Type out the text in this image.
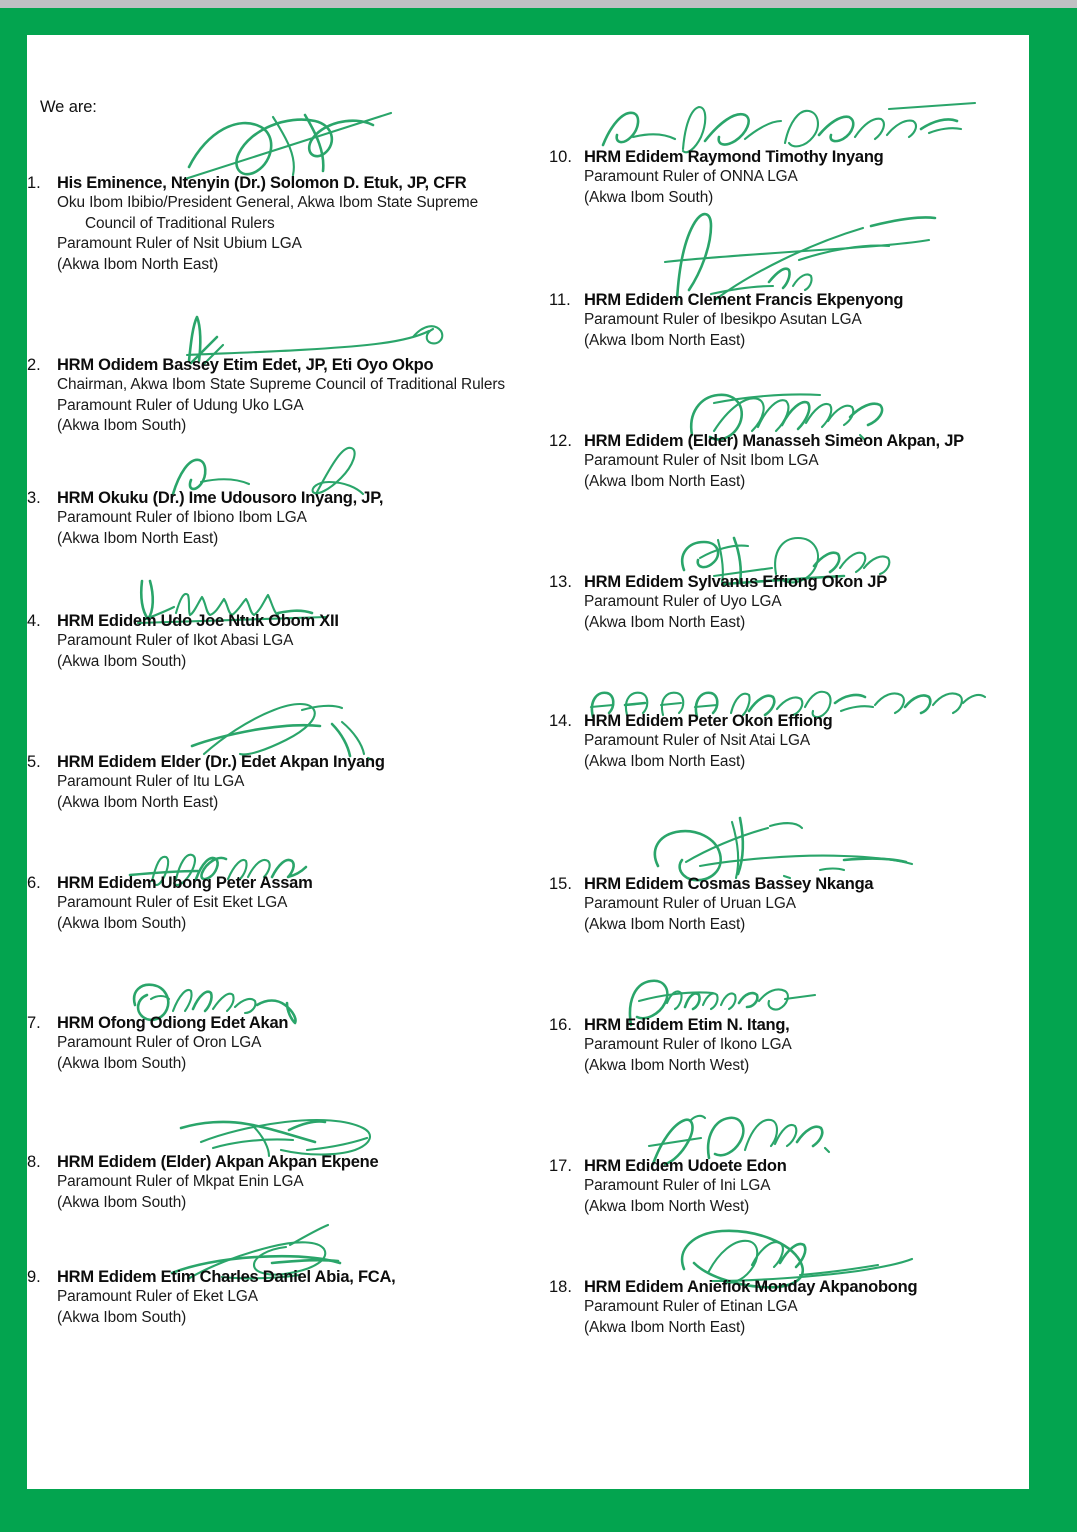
We are:
1. His Eminence, Ntenyin (Dr.) Solomon D. Etuk, JP, CFR
Oku Ibom Ibibio/President General, Akwa Ibom State Supreme
Council of Traditional Rulers
Paramount Ruler of Nsit Ubium LGA
(Akwa Ibom North East)
2. HRM Odidem Bassey Etim Edet, JP, Eti Oyo Okpo
Chairman, Akwa Ibom State Supreme Council of Traditional Rulers
Paramount Ruler of Udung Uko LGA
(Akwa Ibom South)
3. HRM Okuku (Dr.) Ime Udousoro Inyang, JP,
Paramount Ruler of Ibiono Ibom LGA
(Akwa Ibom North East)
4. HRM Edidem Udo Joe Ntuk Obom XII
Paramount Ruler of Ikot Abasi LGA
(Akwa Ibom South)
5. HRM Edidem Elder (Dr.) Edet Akpan Inyang
Paramount Ruler of Itu LGA
(Akwa Ibom North East)
6. HRM Edidem Ubong Peter Assam
Paramount Ruler of Esit Eket LGA
(Akwa Ibom South)
7. HRM Ofong Odiong Edet Akan
Paramount Ruler of Oron LGA
(Akwa Ibom South)
8. HRM Edidem (Elder) Akpan Akpan Ekpene
Paramount Ruler of Mkpat Enin LGA
(Akwa Ibom South)
9. HRM Edidem Etim Charles Daniel Abia, FCA,
Paramount Ruler of Eket LGA
(Akwa Ibom South)
10. HRM Edidem Raymond Timothy Inyang
Paramount Ruler of ONNA LGA
(Akwa Ibom South)
11. HRM Edidem Clement Francis Ekpenyong
Paramount Ruler of Ibesikpo Asutan LGA
(Akwa Ibom North East)
12. HRM Edidem (Elder) Manasseh Simeon Akpan, JP
Paramount Ruler of Nsit Ibom LGA
(Akwa Ibom North East)
13. HRM Edidem Sylvanus Effiong Okon JP
Paramount Ruler of Uyo LGA
(Akwa Ibom North East)
14. HRM Edidem Peter Okon Effiong
Paramount Ruler of Nsit Atai LGA
(Akwa Ibom North East)
15. HRM Edidem Cosmas Bassey Nkanga
Paramount Ruler of Uruan LGA
(Akwa Ibom North East)
16. HRM Edidem Etim N. Itang,
Paramount Ruler of Ikono LGA
(Akwa Ibom North West)
17. HRM Edidem Udoete Edon
Paramount Ruler of Ini LGA
(Akwa Ibom North West)
18. HRM Edidem Aniefiok Monday Akpanobong
Paramount Ruler of Etinan LGA
(Akwa Ibom North East)
